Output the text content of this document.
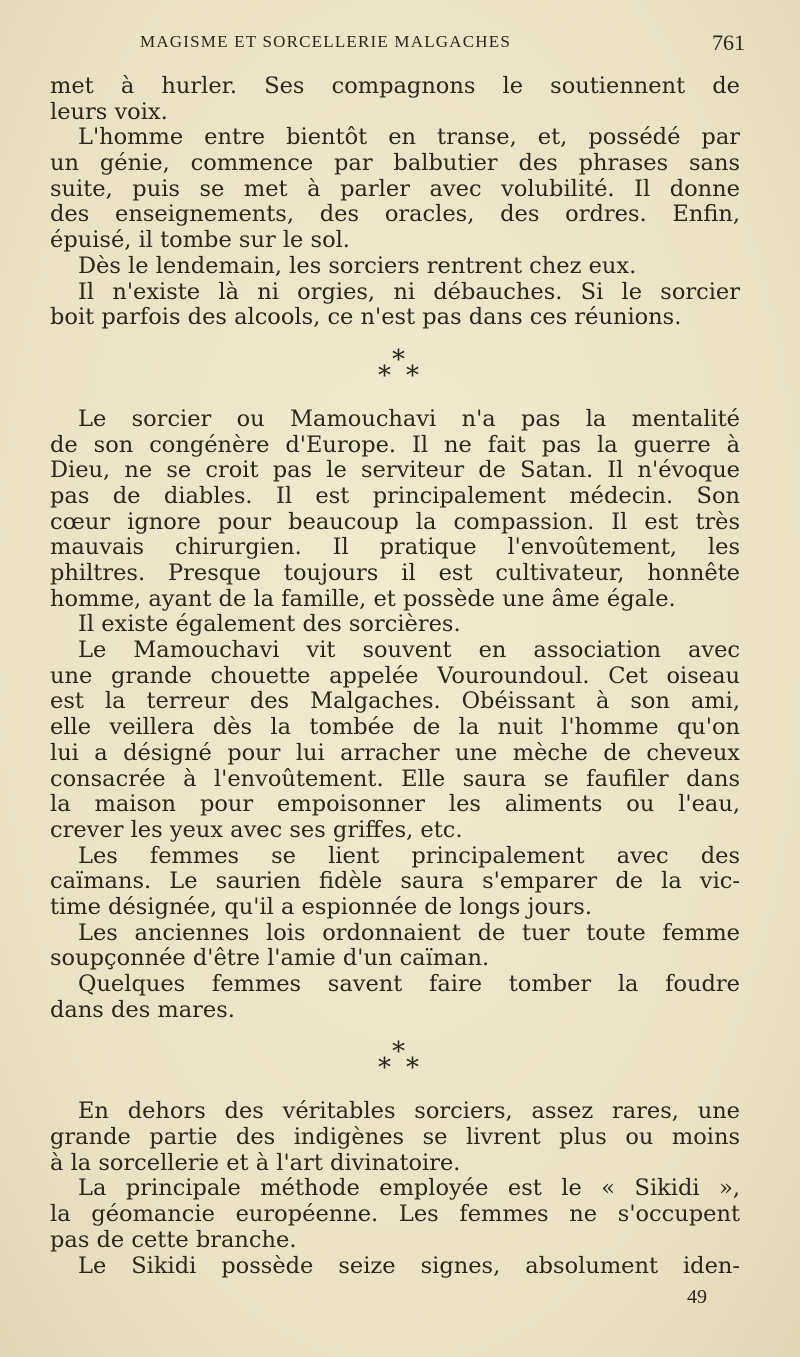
MAGISME ET SORCELLERIE MALGACHES	761
met à hurler. Ses compagnons le soutiennent de
leurs voix.
L'homme entre bientôt en transe, et, possédé par
un génie, commence par balbutier des phrases sans
suite, puis se met à parler avec volubilité. Il donne
des enseignements, des oracles, des ordres. Enfin,
épuisé, il tombe sur le sol.
Dès le lendemain, les sorciers rentrent chez eux.
Il n'existe là ni orgies, ni débauches. Si le sorcier
boit parfois des alcools, ce n'est pas dans ces réunions.
*
* *
Le sorcier ou Mamouchavi n'a pas la mentalité
de son congénère d'Europe. Il ne fait pas la guerre à
Dieu, ne se croit pas le serviteur de Satan. Il n'évoque
pas de diables. Il est principalement médecin. Son
cœur ignore pour beaucoup la compassion. Il est très
mauvais chirurgien. Il pratique l'envoûtement, les
philtres. Presque toujours il est cultivateur, honnête
homme, ayant de la famille, et possède une âme égale.
Il existe également des sorcières.
Le Mamouchavi vit souvent en association avec
une grande chouette appelée Vouroundoul. Cet oiseau
est la terreur des Malgaches. Obéissant à son ami,
elle veillera dès la tombée de la nuit l'homme qu'on
lui a désigné pour lui arracher une mèche de cheveux
consacrée à l'envoûtement. Elle saura se faufiler dans
la maison pour empoisonner les aliments ou l'eau,
crever les yeux avec ses griffes, etc.
Les femmes se lient principalement avec des
caïmans. Le saurien fidèle saura s'emparer de la vic-
time désignée, qu'il a espionnée de longs jours.
Les anciennes lois ordonnaient de tuer toute femme
soupçonnée d'être l'amie d'un caïman.
Quelques femmes savent faire tomber la foudre
dans des mares.
*
* *
En dehors des véritables sorciers, assez rares, une
grande partie des indigènes se livrent plus ou moins
à la sorcellerie et à l'art divinatoire.
La principale méthode employée est le « Sikidi »,
la géomancie européenne. Les femmes ne s'occupent
pas de cette branche.
Le Sikidi possède seize signes, absolument iden-
49
